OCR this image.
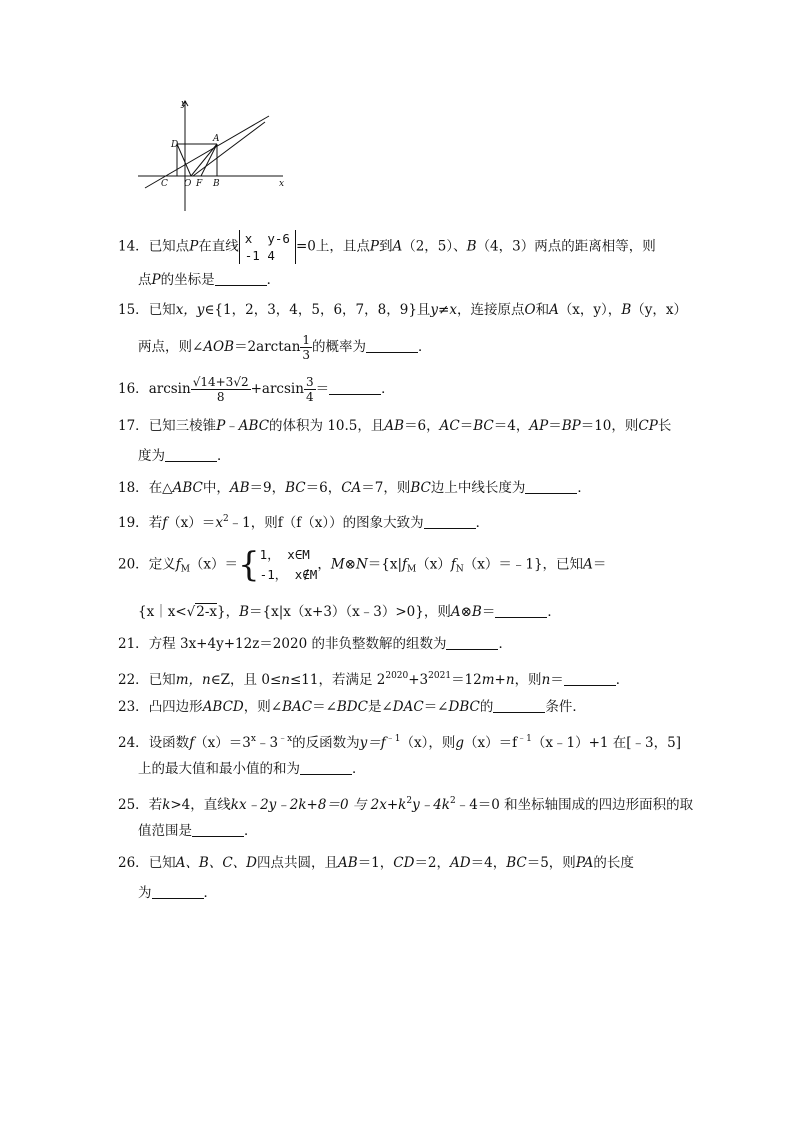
y
x
D
A
C O F B
14．已知点P在直线 x y-6
-1 4=0上，且点P到A（2，5）、B（4，3）两点的距离相等，则
点P的坐标是	．
15．已知x，y∈{1，2，3，4，5，6，7，8，9}且y≠x，连接原点O和A（x，y），B（y，x）
两点，则∠AOB＝2arctan $\frac{1}{3}$ 的概率为	．
16．$\arcsin \frac{√14+3√2}{8} +\arcsin \frac{3}{4}$ ＝	．
17．已知三棱锥P﹣ABC的体积为 10.5，且AB＝6，AC＝BC＝4，AP＝BP＝10，则CP长
度为	．
18．在△ABC中，AB＝9，BC＝6，CA＝7，则BC边上中线长度为	．
19．若$f(x)=x^2﹣1$，则f（f（x））的图象大致为	．
20．定义$f_M(x)=\{1$， x∈M
-1， x∉M，$M\otimes N=\{x|f_M(x)f_N(x)=﹣1\}$，已知A＝
{x｜x<√2-x}，B＝{x|x（x+3）（x﹣3）>0}，则A⊗B＝	．
21．方程 3x+4y+12z＝2020 的非负整数解的组数为	．
22．已知m，n∈Z，且 0≤n≤11，若满足 $2^{2020}+3^{2021}=12m+n$，则n＝	．
23．凸四边形ABCD，则∠BAC＝∠BDC是∠DAC＝∠DBC的	条件．
24．设函数$f(x)=3^x﹣3^{﹣x}$的反函数为$y=f^{﹣1}(x)$，则$g(x)=f^{﹣1}(x﹣1)+1$ 在[﹣3，5]
上的最大值和最小值的和为	．
25．若k>4，直线kx﹣2y﹣2k+8＝0 与 $2x+k^2y﹣4k^2﹣4=0$ 和坐标轴围成的四边形面积的取
值范围是	．
26．已知A、B、C、D四点共圆，且AB＝1，CD＝2，AD＝4，BC＝5，则PA的长度
为	．
